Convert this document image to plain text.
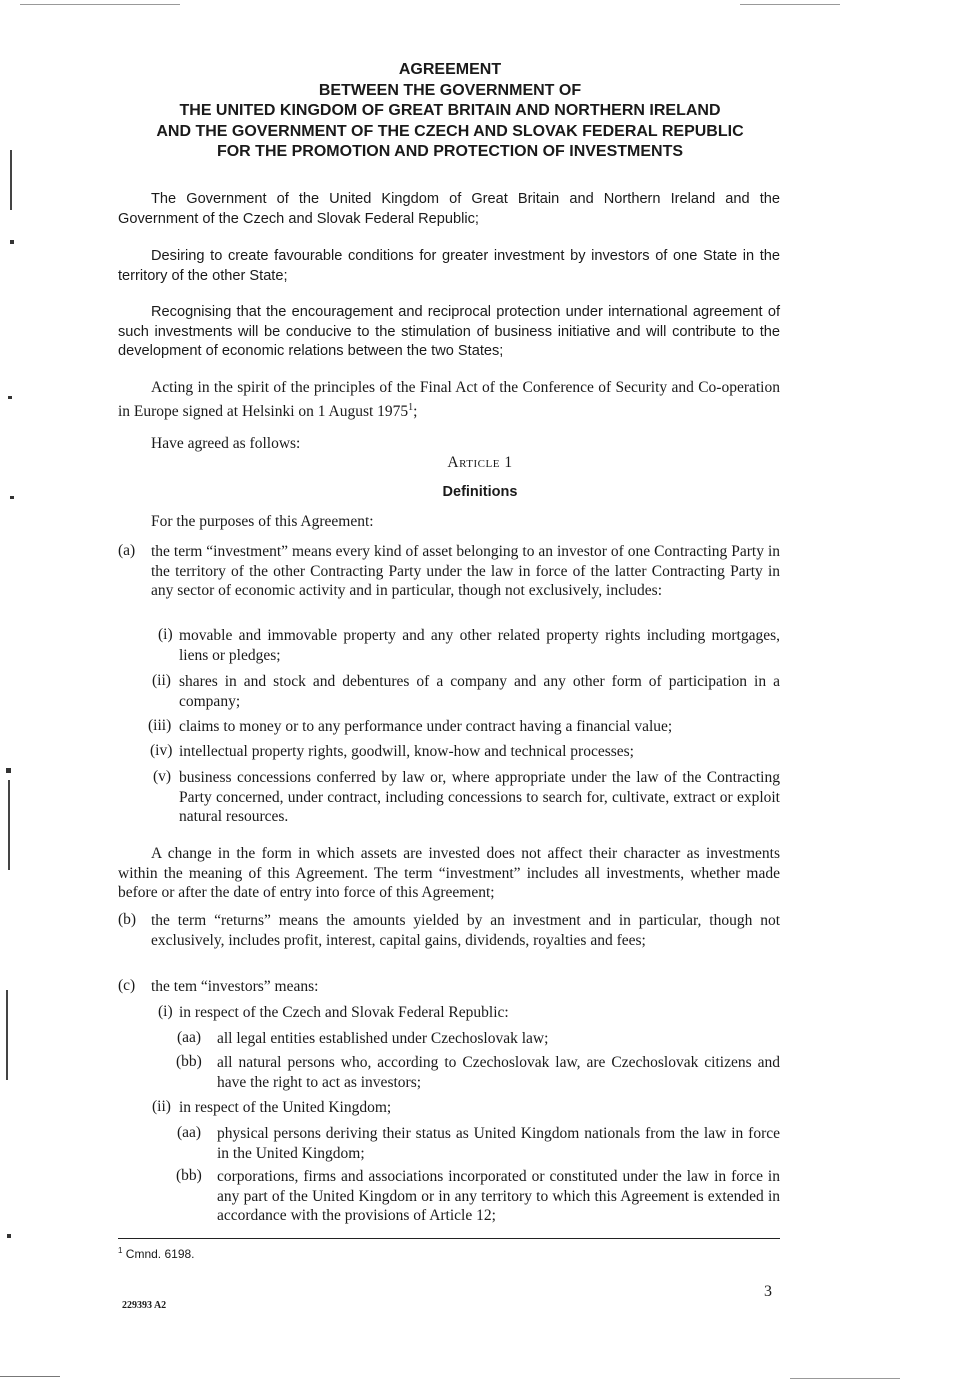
AGREEMENT
BETWEEN THE GOVERNMENT OF
THE UNITED KINGDOM OF GREAT BRITAIN AND NORTHERN IRELAND
AND THE GOVERNMENT OF THE CZECH AND SLOVAK FEDERAL REPUBLIC
FOR THE PROMOTION AND PROTECTION OF INVESTMENTS
The Government of the United Kingdom of Great Britain and Northern Ireland and the Government of the Czech and Slovak Federal Republic;
Desiring to create favourable conditions for greater investment by investors of one State in the territory of the other State;
Recognising that the encouragement and reciprocal protection under international agreement of such investments will be conducive to the stimulation of business initiative and will contribute to the development of economic relations between the two States;
Acting in the spirit of the principles of the Final Act of the Conference of Security and Co-operation in Europe signed at Helsinki on 1 August 1975$^1$;
Have agreed as follows:
Article 1
Definitions
For the purposes of this Agreement:
(a) the term “investment” means every kind of asset belonging to an investor of one Contracting Party in the territory of the other Contracting Party under the law in force of the latter Contracting Party in any sector of economic activity and in particular, though not exclusively, includes:
(i) movable and immovable property and any other related property rights including mortgages, liens or pledges;
(ii) shares in and stock and debentures of a company and any other form of participation in a company;
(iii) claims to money or to any performance under contract having a financial value;
(iv) intellectual property rights, goodwill, know-how and technical processes;
(v) business concessions conferred by law or, where appropriate under the law of the Contracting Party concerned, under contract, including concessions to search for, cultivate, extract or exploit natural resources.
A change in the form in which assets are invested does not affect their character as investments within the meaning of this Agreement. The term “investment” includes all investments, whether made before or after the date of entry into force of this Agreement;
(b) the term “returns” means the amounts yielded by an investment and in particular, though not exclusively, includes profit, interest, capital gains, dividends, royalties and fees;
(c) the tem “investors” means:
(i) in respect of the Czech and Slovak Federal Republic:
(aa) all legal entities established under Czechoslovak law;
(bb) all natural persons who, according to Czechoslovak law, are Czechoslovak citizens and have the right to act as investors;
(ii) in respect of the United Kingdom;
(aa) physical persons deriving their status as United Kingdom nationals from the law in force in the United Kingdom;
(bb) corporations, firms and associations incorporated or constituted under the law in force in any part of the United Kingdom or in any territory to which this Agreement is extended in accordance with the provisions of Article 12;
$^1$ Cmnd. 6198.
229393 A2
3
